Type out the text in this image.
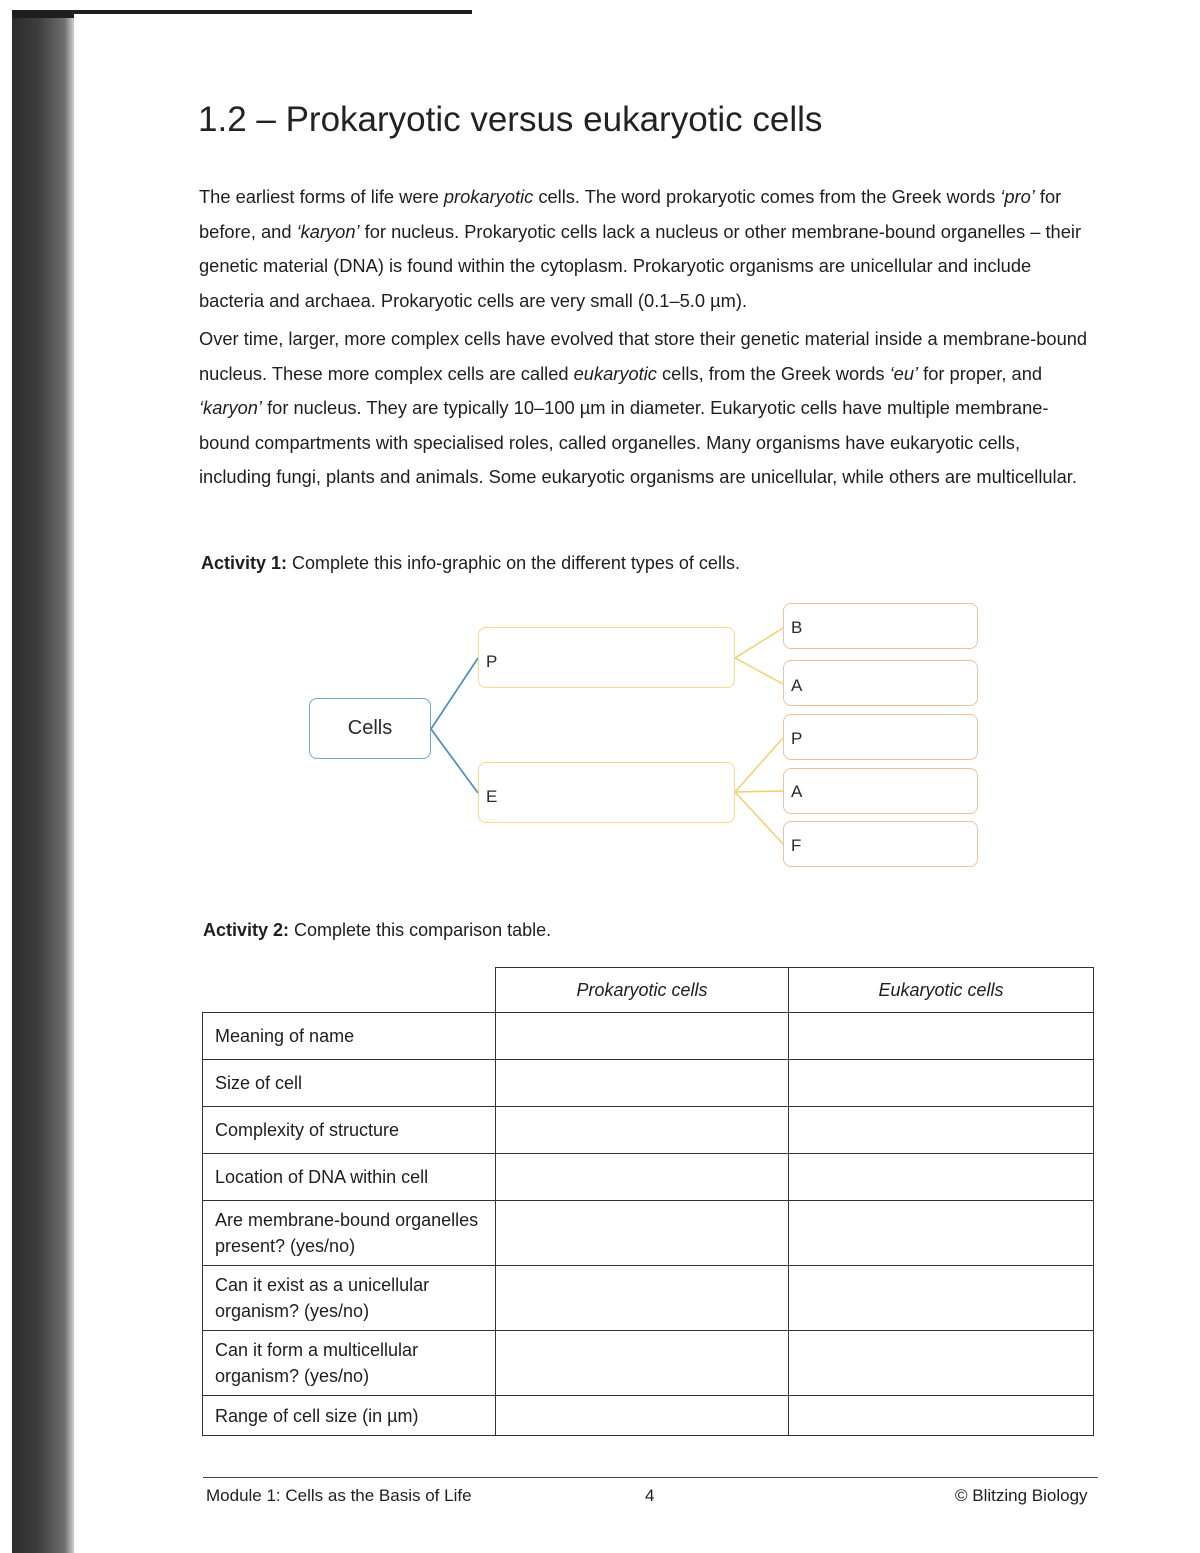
1.2 – Prokaryotic versus eukaryotic cells
The earliest forms of life were prokaryotic cells. The word prokaryotic comes from the Greek words ‘pro’ for before, and ‘karyon’ for nucleus. Prokaryotic cells lack a nucleus or other membrane-bound organelles – their genetic material (DNA) is found within the cytoplasm. Prokaryotic organisms are unicellular and include bacteria and archaea. Prokaryotic cells are very small (0.1–5.0 µm).
Over time, larger, more complex cells have evolved that store their genetic material inside a membrane-bound nucleus. These more complex cells are called eukaryotic cells, from the Greek words ‘eu’ for proper, and ‘karyon’ for nucleus. They are typically 10–100 µm in diameter. Eukaryotic cells have multiple membrane-bound compartments with specialised roles, called organelles. Many organisms have eukaryotic cells, including fungi, plants and animals. Some eukaryotic organisms are unicellular, while others are multicellular.
Activity 1: Complete this info-graphic on the different types of cells.
Cells
P
E
B
A
P
A
F
Activity 2: Complete this comparison table.
	Prokaryotic cells	Eukaryotic cells
Meaning of name		
Size of cell		
Complexity of structure		
Location of DNA within cell		
Are membrane-bound organelles present? (yes/no)		
Can it exist as a unicellular organism? (yes/no)		
Can it form a multicellular organism? (yes/no)		
Range of cell size (in µm)		
Module 1: Cells as the Basis of Life	4	© Blitzing Biology
